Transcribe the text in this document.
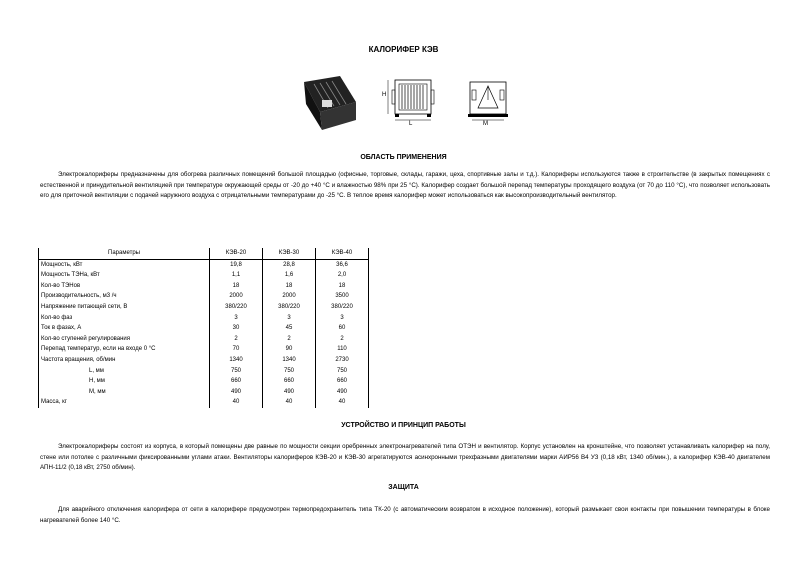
КАЛОРИФЕР КЭВ
H
L	M
ОБЛАСТЬ ПРИМЕНЕНИЯ
Электрокалориферы предназначены для обогрева различных помещений большой площадью (офисные, торговые, склады, гаражи, цеха, спортивные залы и т.д.). Калориферы используются также в строительстве (в закрытых помещениях с естественной и принудительной вентиляцией при температуре окружающей среды от -20 до +40 °С и влажностью 98% при 25 °С). Калорифер создает большой перепад температуры проходящего воздуха (от 70 до 110 °С), что позволяет использовать его для приточной вентиляции с подачей наружного воздуха с отрицательными температурами до -25 °С. В теплое время калорифер может использоваться как высокопроизводительный вентилятор.
Параметры	КЭВ-20	КЭВ-30	КЭВ-40
Мощность, кВт	19,8	28,8	36,6
Мощность ТЭНа, кВт	1,1	1,6	2,0
Кол-во ТЭНов	18	18	18
Производительность, м3 /ч	2000	2000	3500
Напряжение питающей сети, В	380/220	380/220	380/220
Кол-во фаз	3	3	3
Ток в фазах, А	30	45	60
Кол-во ступеней регулирования	2	2	2
Перепад температур, если на входе 0 °С	70	90	110
Частота вращения, об/мин	1340	1340	2730
L, мм	750	750	750
H, мм	660	660	660
M, мм	490	490	490
Масса, кг	40	40	40
УСТРОЙСТВО И ПРИНЦИП РАБОТЫ
Электрокалориферы состоят из корпуса, в который помещены две равные по мощности секции оребренных электронагревателей типа ОТЭН и вентилятор. Корпус установлен на кронштейне, что позволяет устанавливать калорифер на полу, стене или потолке с различными фиксированными углами атаки. Вентиляторы калориферов КЭВ-20 и КЭВ-30 агрегатируются асинхронными трехфазными двигателями марки АИР56 В4 УЗ (0,18 кВт, 1340 об/мин.), а калорифер КЭВ-40 двигателем АПН-11/2 (0,18 кВт, 2750 об/мин).
ЗАЩИТА
Для аварийного отключения калорифера от сети в калорифере предусмотрен термопредохранитель типа ТК-20 (с автоматическим возвратом в исходное положение), который размыкает свои контакты при повышении температуры в блоке нагревателей более 140 °С.
